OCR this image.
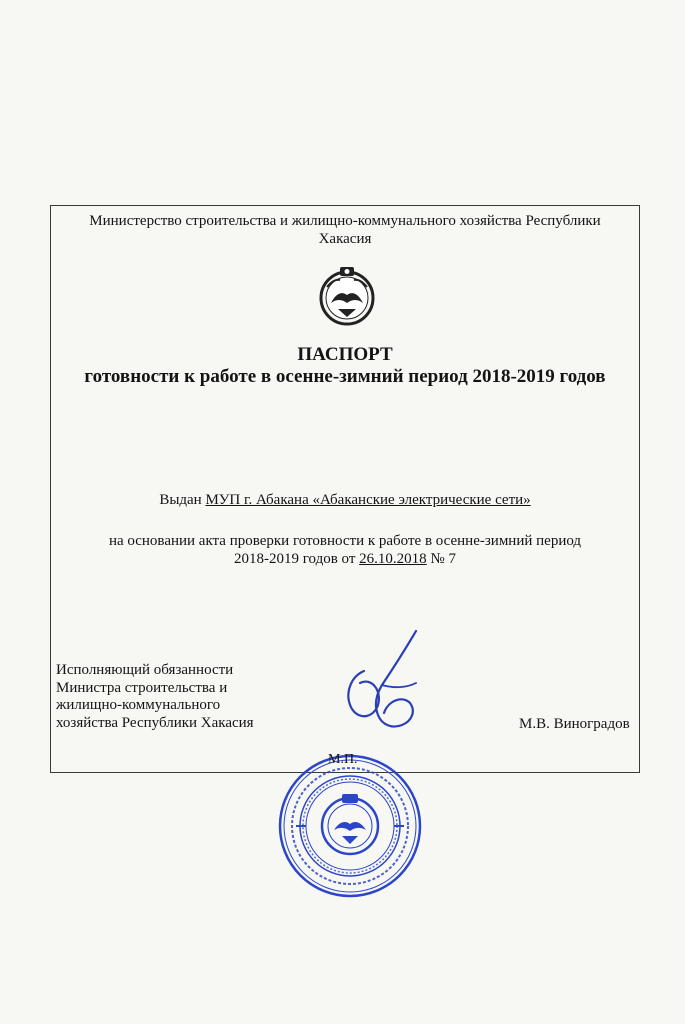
Министерство строительства и жилищно-коммунального хозяйства Республики
Хакасия
ПАСПОРТ
готовности к работе в осенне-зимний период 2018-2019 годов
Выдан МУП г. Абакана «Абаканские электрические сети»
на основании акта проверки готовности к работе в осенне-зимний период
2018-2019 годов от 26.10.2018 № 7
Исполняющий обязанности
Министра строительства и
жилищно-коммунального
хозяйства Республики Хакасия	М.В. Виноградов
М.П.
